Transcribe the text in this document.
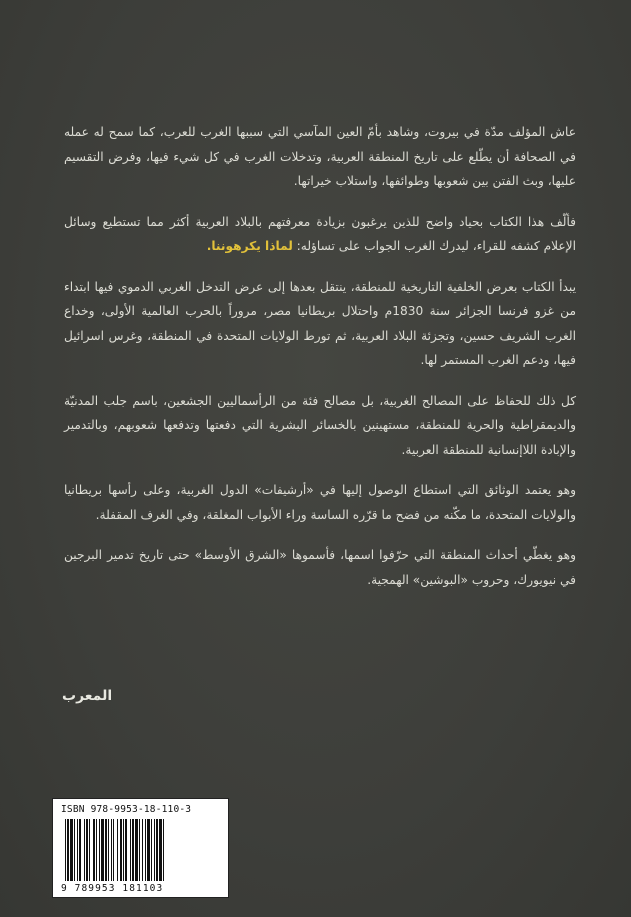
عاش المؤلف مدّة في بيروت، وشاهد بأمّ العين المآسي التي سببها الغرب للعرب، كما سمح له عمله في الصحافة أن يطّلع على تاريخ المنطقة العربية، وتدخلات الغرب في كل شيء فيها، وفرض التقسيم عليها، وبث الفتن بين شعوبها وطوائفها، واستلاب خيراتها.

فألّف هذا الكتاب بحياد واضح للذين يرغبون بزيادة معرفتهم بالبلاد العربية أكثر مما تستطيع وسائل الإعلام كشفه للقراء، ليدرك الغرب الجواب على تساؤله: لماذا يكرهوننا.

يبدأ الكتاب بعرض الخلفية التاريخية للمنطقة، ينتقل بعدها إلى عرض التدخل الغربي الدموي فيها ابتداء من غزو فرنسا الجزائر سنة 1830م واحتلال بريطانيا مصر، مروراً بالحرب العالمية الأولى، وخداع الغرب الشريف حسين، وتجزئة البلاد العربية، ثم تورط الولايات المتحدة في المنطقة، وغرس اسرائيل فيها، ودعم الغرب المستمر لها.

كل ذلك للحفاظ على المصالح الغربية، بل مصالح فئة من الرأسماليين الجشعين، باسم جلب المدنيّة والديمقراطية والحرية للمنطقة، مستهينين بالخسائر البشرية التي دفعتها وتدفعها شعوبهم، وبالتدمير والإبادة اللاإنسانية للمنطقة العربية.

وهو يعتمد الوثائق التي استطاع الوصول إليها في «أرشيفات» الدول الغربية، وعلى رأسها بريطانيا والولايات المتحدة، ما مكّنه من فضح ما قرّره الساسة وراء الأبواب المغلقة، وفي الغرف المقفلة.

وهو يغطّي أحداث المنطقة التي حرّفوا اسمها، فأسموها «الشرق الأوسط» حتى تاريخ تدمير البرجين في نيويورك، وحروب «البوشين» الهمجية.

المعرب
ISBN 978-9953-18-110-3
9 789953 181103
